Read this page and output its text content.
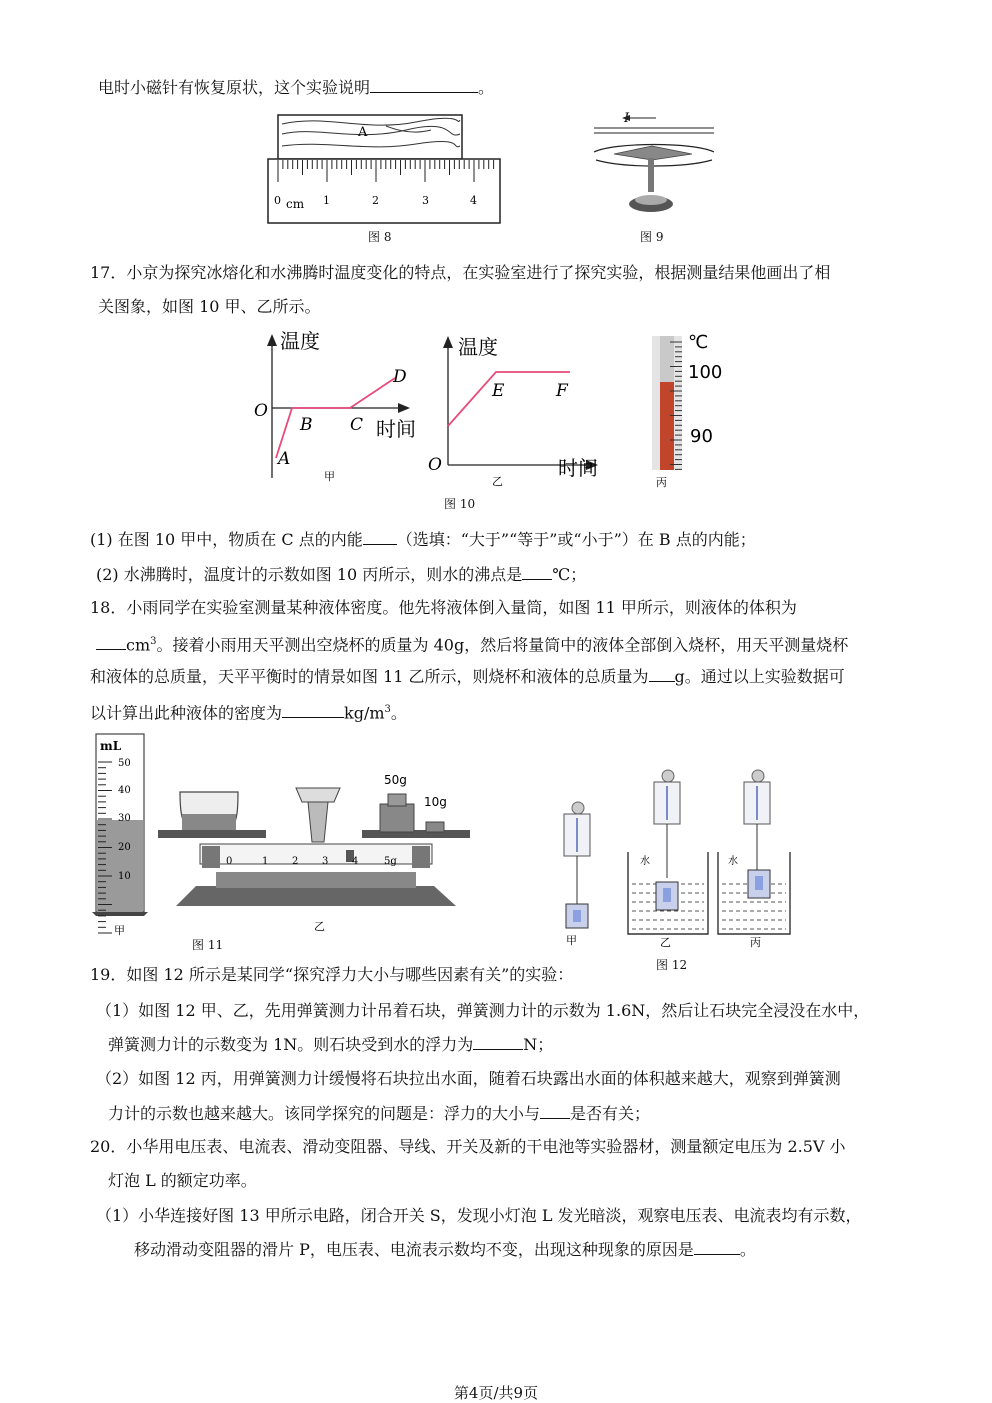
电时小磁针有恢复原状，这个实验说明	。
A
0 cm 1	2	3	4
图 8	图 9
17．小京为探究冰熔化和水沸腾时温度变化的特点，在实验室进行了探究实验，根据测量结果他画出了相
关图象，如图 10 甲、乙所示。
温度
O
A
B C
D
时间
甲
温度
O
E	F
时间
乙
℃
100
90
丙
图 10
(1) 在图 10 甲中，物质在 C 点的内能 （选填：“大于”“等于”或“小于”）在 B 点的内能；
(2) 水沸腾时，温度计的示数如图 10 丙所示，则水的沸点是 ℃；
18．小雨同学在实验室测量某种液体密度。他先将液体倒入量筒，如图 11 甲所示，则液体的体积为
$cm^3$。接着小雨用天平测出空烧杯的质量为 40g，然后将量筒中的液体全部倒入烧杯，用天平测量烧杯
和液体的总质量，天平平衡时的情景如图 11 乙所示，则烧杯和液体的总质量为 g。通过以上实验数据可
以计算出此种液体的密度为	$kg/m^3$。
mL
50
40
30
20
10
甲
50g
10g
0	1 2 3 4	5g
乙
图 11	甲
水
乙
水
丙
图 12
19．如图 12 所示是某同学“探究浮力大小与哪些因素有关”的实验：
（1）如图 12 甲、乙，先用弹簧测力计吊着石块，弹簧测力计的示数为 1.6N，然后让石块完全浸没在水中，
弹簧测力计的示数变为 1N。则石块受到水的浮力为	N；
（2）如图 12 丙，用弹簧测力计缓慢将石块拉出水面，随着石块露出水面的体积越来越大，观察到弹簧测
力计的示数也越来越大。该同学探究的问题是：浮力的大小与 是否有关；
20．小华用电压表、电流表、滑动变阻器、导线、开关及新的干电池等实验器材，测量额定电压为 2.5V 小
灯泡 L 的额定功率。
（1）小华连接好图 13 甲所示电路，闭合开关 S，发现小灯泡 L 发光暗淡，观察电压表、电流表均有示数，
移动滑动变阻器的滑片 P，电压表、电流表示数均不变，出现这种现象的原因是	。
第4页/共9页
